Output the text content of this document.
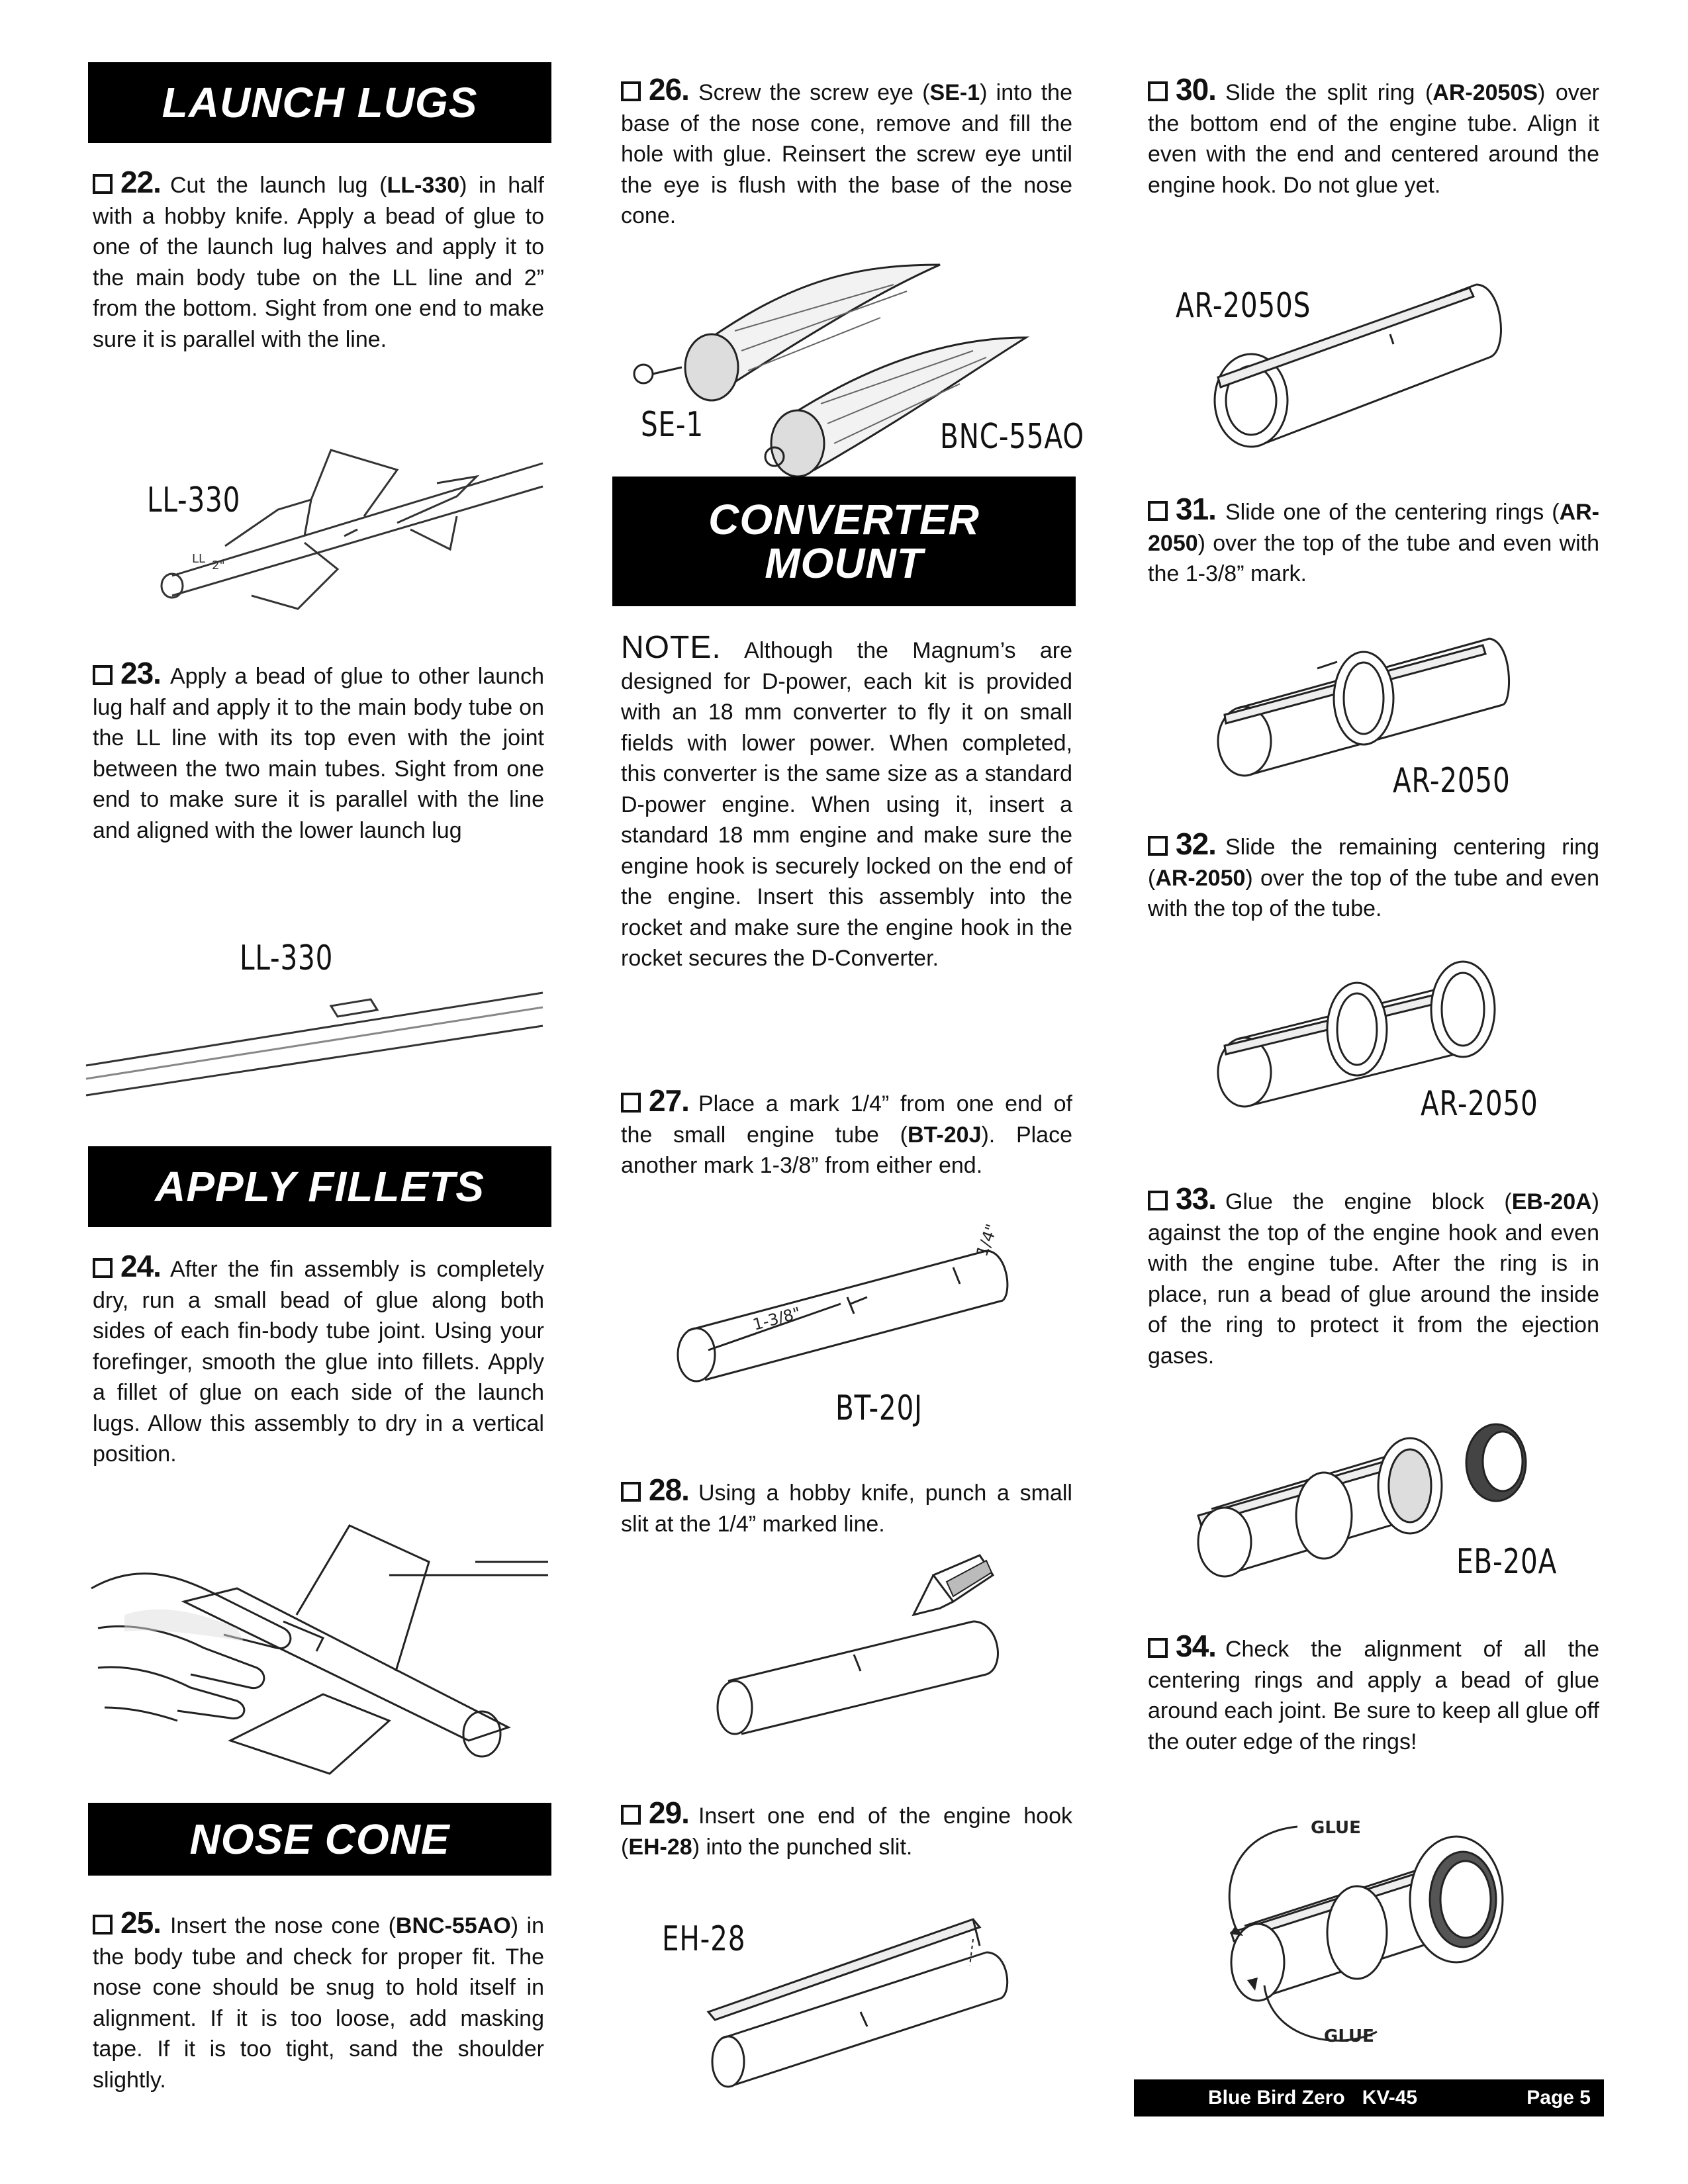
LAUNCH LUGS
22. Cut the launch lug (LL-330) in half with a hobby knife. Apply a bead of glue to one of the launch lug halves and apply it to the main body tube on the LL line and 2” from the bottom. Sight from one end to make sure it is parallel with the line.
LL-330
LL 2"
23. Apply a bead of glue to other launch lug half and apply it to the main body tube on the LL line with its top even with the joint between the two main tubes. Sight from one end to make sure it is parallel with the line and aligned with the lower launch lug
LL-330
APPLY FILLETS
24. After the fin assembly is completely dry, run a small bead of glue along both sides of each fin-body tube joint. Using your forefinger, smooth the glue into fillets. Apply a fillet of glue on each side of the launch lugs. Allow this assembly to dry in a vertical position.
NOSE CONE
25. Insert the nose cone (BNC-55AO) in the body tube and check for proper fit. The nose cone should be snug to hold itself in alignment. If it is too loose, add masking tape. If it is too tight, sand the shoulder slightly.
26. Screw the screw eye (SE-1) into the base of the nose cone, remove and fill the hole with glue. Reinsert the screw eye until the eye is flush with the base of the nose cone.
SE-1	BNC-55AO
CONVERTER
MOUNT
NOTE. Although the Magnum’s are designed for D-power, each kit is provided with an 18 mm converter to fly it on small fields with lower power. When completed, this converter is the same size as a standard D-power engine. When using it, insert a standard 18 mm engine and make sure the engine hook is securely locked on the end of the engine. Insert this assembly into the rocket and make sure the engine hook in the rocket secures the D-Converter.
27. Place a mark 1/4” from one end of the small engine tube (BT-20J). Place another mark 1-3/8” from either end.
1-3/8"
1/4"
BT-20J
28. Using a hobby knife, punch a small slit at the 1/4” marked line.
29. Insert one end of the engine hook (EH-28) into the punched slit.
EH-28
30. Slide the split ring (AR-2050S) over the bottom end of the engine tube. Align it even with the end and centered around the engine hook. Do not glue yet.
AR-2050S
31. Slide one of the centering rings (AR-2050) over the top of the tube and even with the 1-3/8” mark.
AR-2050
32. Slide the remaining centering ring (AR-2050) over the top of the tube and even with the top of the tube.
AR-2050
33. Glue the engine block (EB-20A) against the top of the engine hook and even with the engine tube. After the ring is in place, run a bead of glue around the inside of the ring to protect it from the ejection gases.
EB-20A
34. Check the alignment of all the centering rings and apply a bead of glue around each joint. Be sure to keep all glue off the outer edge of the rings!
GLUE
GLUE
Blue Bird Zero KV-45	Page 5
